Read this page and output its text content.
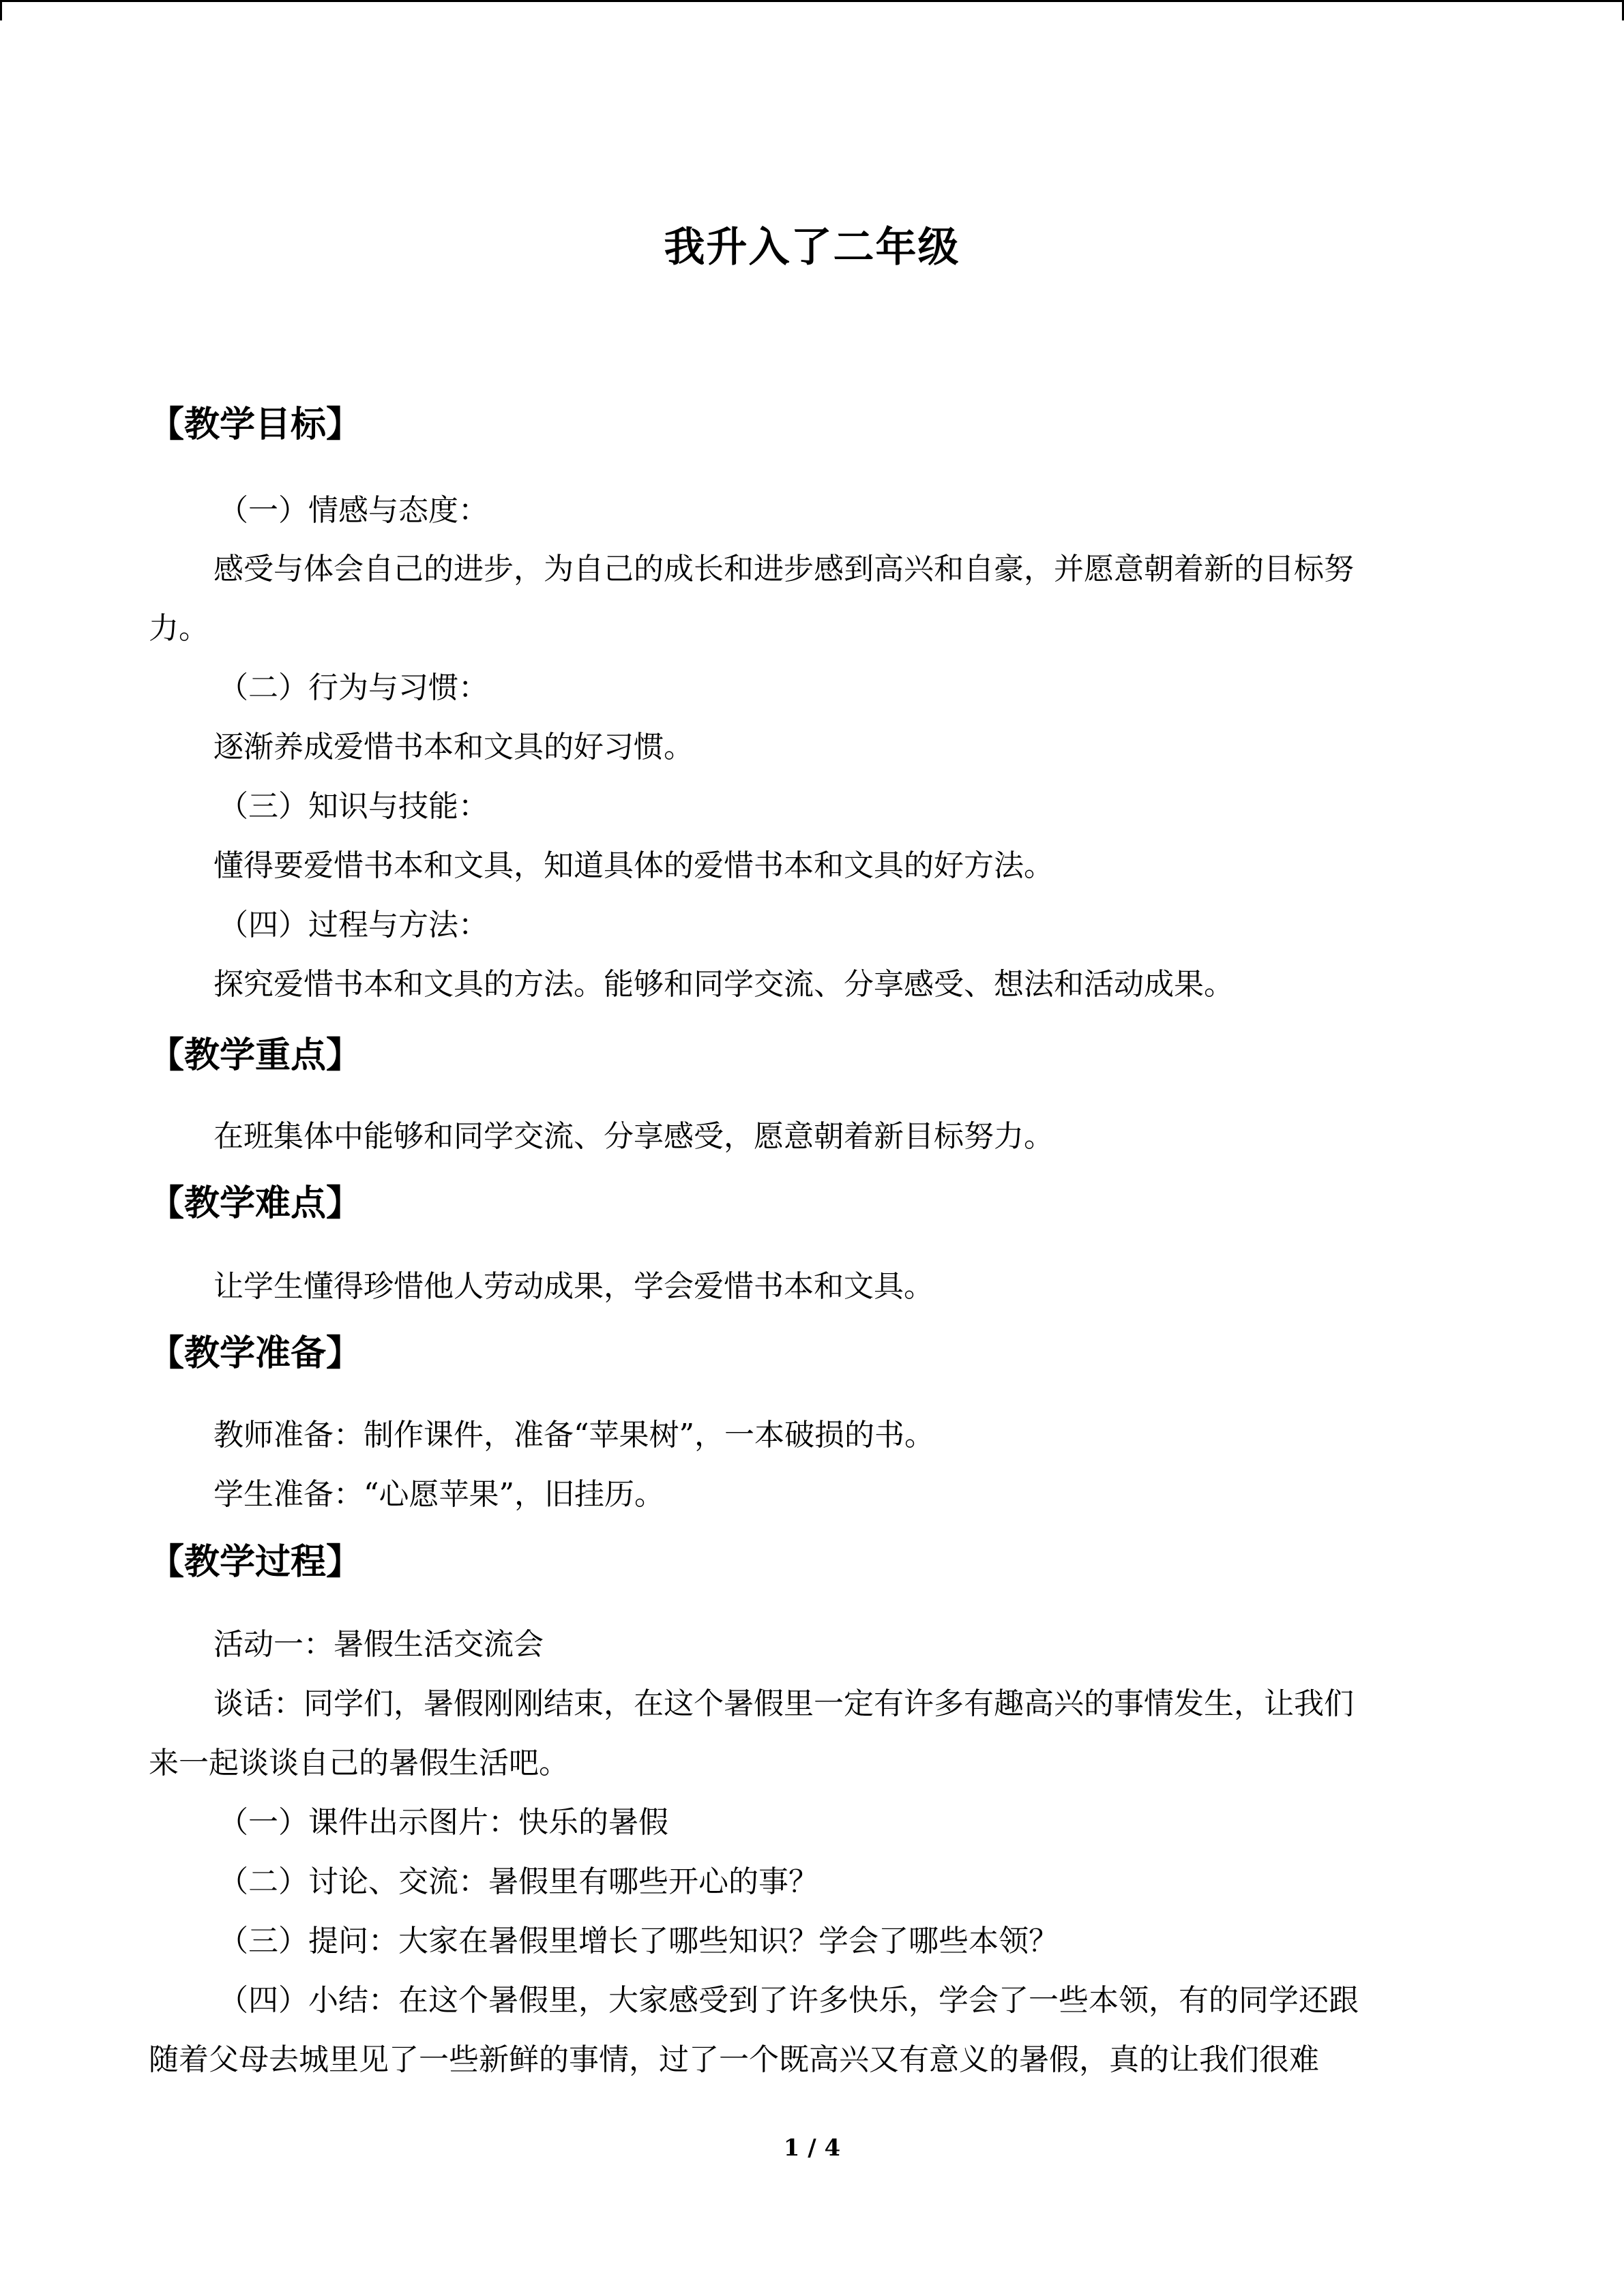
我升入了二年级
【教学目标】
（一）情感与态度：
感受与体会自己的进步，为自己的成长和进步感到高兴和自豪，并愿意朝着新的目标努
力。
（二）行为与习惯：
逐渐养成爱惜书本和文具的好习惯。
（三）知识与技能：
懂得要爱惜书本和文具，知道具体的爱惜书本和文具的好方法。
（四）过程与方法：
探究爱惜书本和文具的方法。能够和同学交流、分享感受、想法和活动成果。
【教学重点】
在班集体中能够和同学交流、分享感受，愿意朝着新目标努力。
【教学难点】
让学生懂得珍惜他人劳动成果，学会爱惜书本和文具。
【教学准备】
教师准备：制作课件，准备“苹果树”，一本破损的书。
学生准备：“心愿苹果”，旧挂历。
【教学过程】
活动一：暑假生活交流会
谈话：同学们，暑假刚刚结束，在这个暑假里一定有许多有趣高兴的事情发生，让我们
来一起谈谈自己的暑假生活吧。
（一）课件出示图片：快乐的暑假
（二）讨论、交流：暑假里有哪些开心的事？
（三）提问：大家在暑假里增长了哪些知识？学会了哪些本领？
（四）小结：在这个暑假里，大家感受到了许多快乐，学会了一些本领，有的同学还跟
随着父母去城里见了一些新鲜的事情，过了一个既高兴又有意义的暑假，真的让我们很难
1 / 4
